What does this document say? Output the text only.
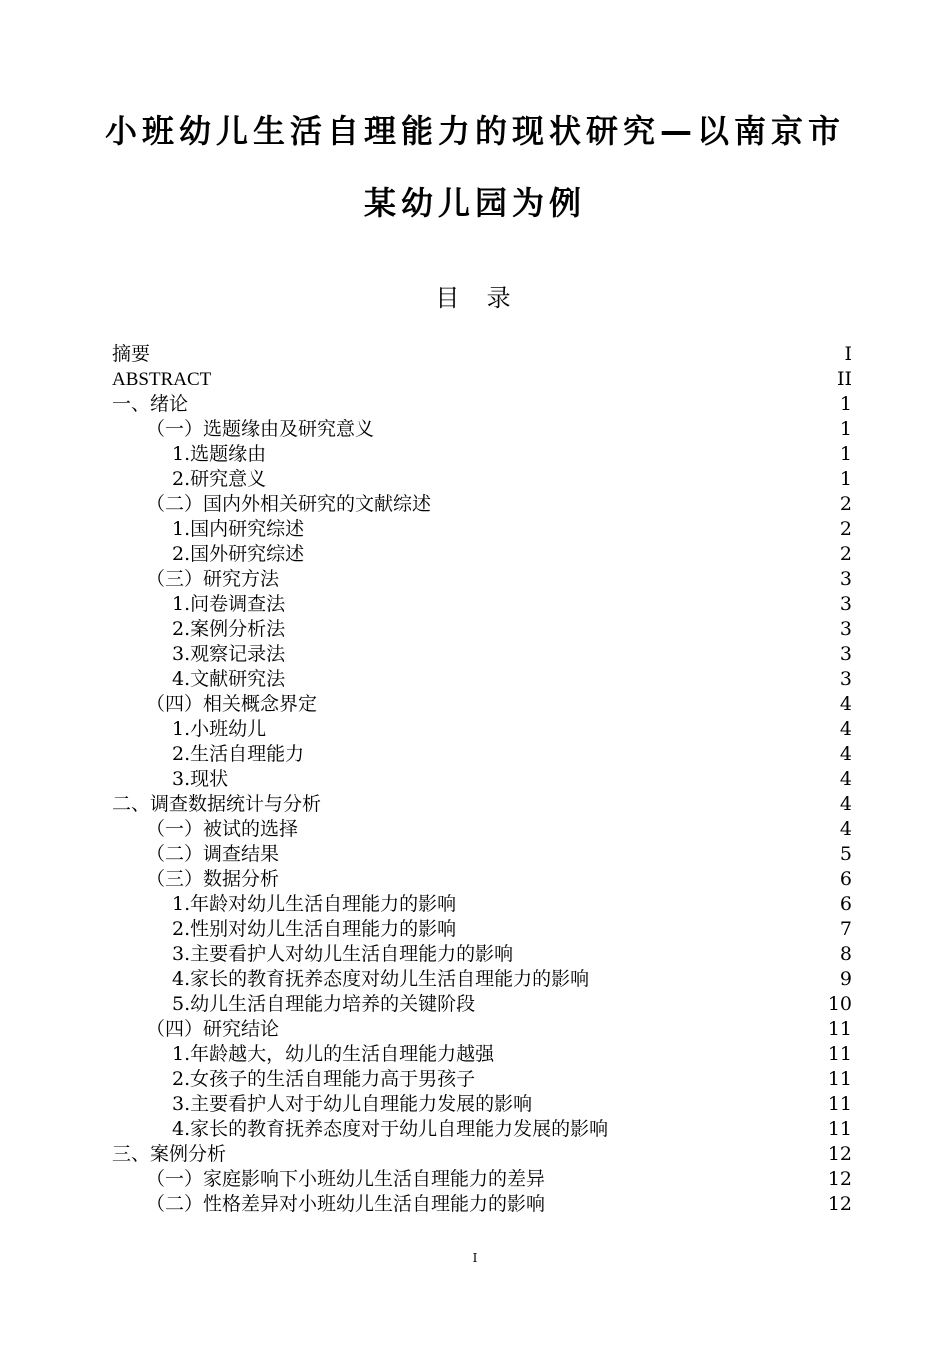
小班幼儿生活自理能力的现状研究—以南京市
某幼儿园为例
目  录
摘要	I
ABSTRACT	II
一、绪论	1
（一）选题缘由及研究意义	1
1.选题缘由	1
2.研究意义	1
（二）国内外相关研究的文献综述	2
1.国内研究综述	2
2.国外研究综述	2
（三）研究方法	3
1.问卷调查法	3
2.案例分析法	3
3.观察记录法	3
4.文献研究法	3
（四）相关概念界定	4
1.小班幼儿	4
2.生活自理能力	4
3.现状	4
二、调查数据统计与分析	4
（一）被试的选择	4
（二）调查结果	5
（三）数据分析	6
1.年龄对幼儿生活自理能力的影响	6
2.性别对幼儿生活自理能力的影响	7
3.主要看护人对幼儿生活自理能力的影响	8
4.家长的教育抚养态度对幼儿生活自理能力的影响	9
5.幼儿生活自理能力培养的关键阶段	10
（四）研究结论	11
1.年龄越大，幼儿的生活自理能力越强	11
2.女孩子的生活自理能力高于男孩子	11
3.主要看护人对于幼儿自理能力发展的影响	11
4.家长的教育抚养态度对于幼儿自理能力发展的影响	11
三、案例分析	12
（一）家庭影响下小班幼儿生活自理能力的差异	12
（二）性格差异对小班幼儿生活自理能力的影响	12
I
